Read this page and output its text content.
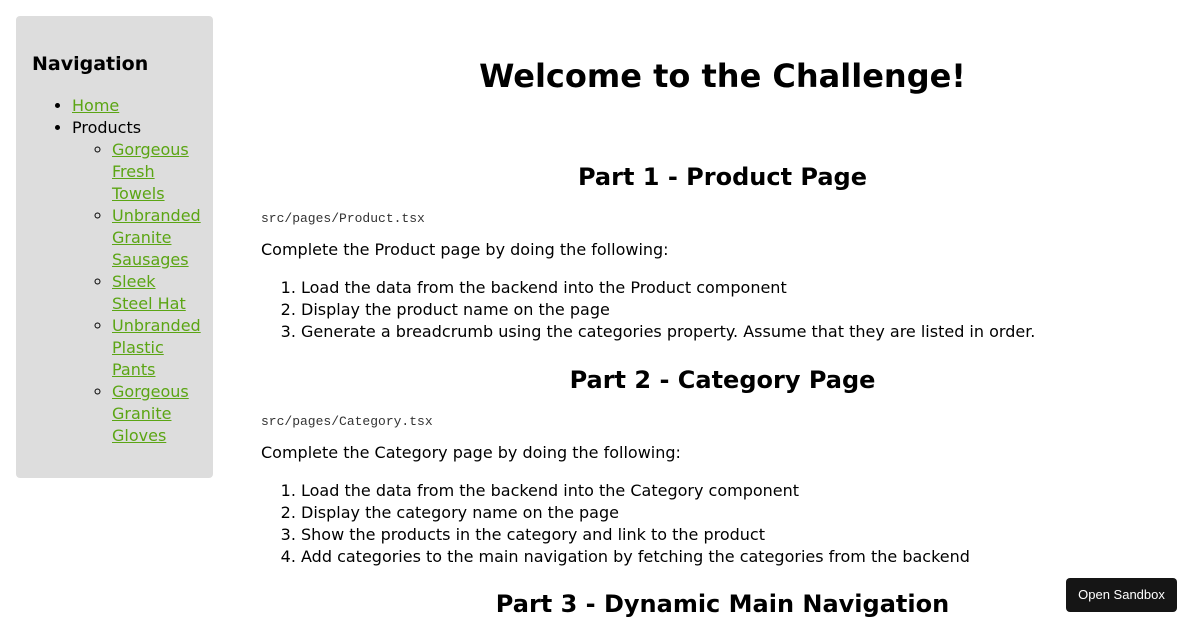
Navigation
• Home
• Products
◦ Gorgeous Fresh Towels
◦ Unbranded Granite Sausages
◦ Sleek Steel Hat
◦ Unbranded Plastic Pants
◦ Gorgeous Granite Gloves
Welcome to the Challenge!
Part 1 - Product Page

src/pages/Product.tsx

Complete the Product page by doing the following:

1. Load the data from the backend into the Product component
2. Display the product name on the page
3. Generate a breadcrumb using the categories property. Assume that they are listed in order.
Part 2 - Category Page

src/pages/Category.tsx

Complete the Category page by doing the following:

1. Load the data from the backend into the Category component
2. Display the category name on the page
3. Show the products in the category and link to the product
4. Add categories to the main navigation by fetching the categories from the backend
Part 3 - Dynamic Main Navigation	Open Sandbox
